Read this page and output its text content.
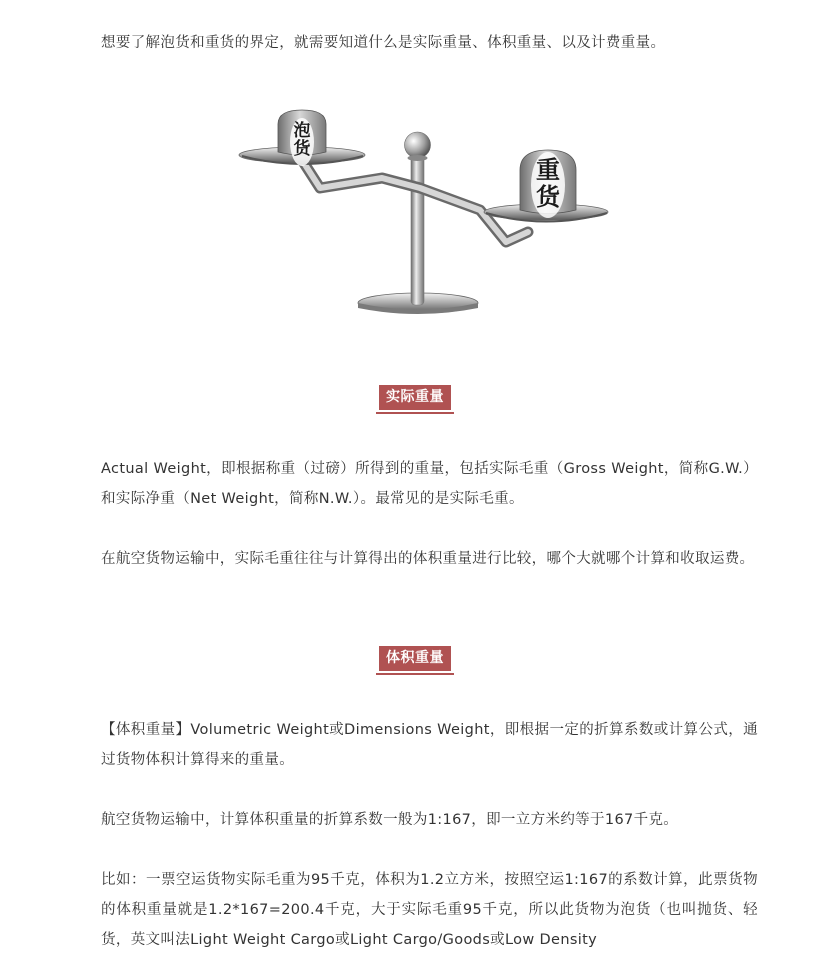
想要了解泡货和重货的界定，就需要知道什么是实际重量、体积重量、以及计费重量。

泡
货
重
货
实际重量

Actual Weight，即根据称重（过磅）所得到的重量，包括实际毛重（Gross Weight，简称G.W.）和实际净重（Net Weight，简称N.W.）。最常见的是实际毛重。

在航空货物运输中，实际毛重往往与计算得出的体积重量进行比较，哪个大就哪个计算和收取运费。

体积重量

【体积重量】Volumetric Weight或Dimensions Weight，即根据一定的折算系数或计算公式，通过货物体积计算得来的重量。

航空货物运输中，计算体积重量的折算系数一般为1:167，即一立方米约等于167千克。

比如：一票空运货物实际毛重为95千克，体积为1.2立方米，按照空运1:167的系数计算，此票货物的体积重量就是1.2*167=200.4千克，大于实际毛重95千克，所以此货物为泡货（也叫抛货、轻货，英文叫法Light Weight Cargo或Light Cargo/Goods或Low Density
